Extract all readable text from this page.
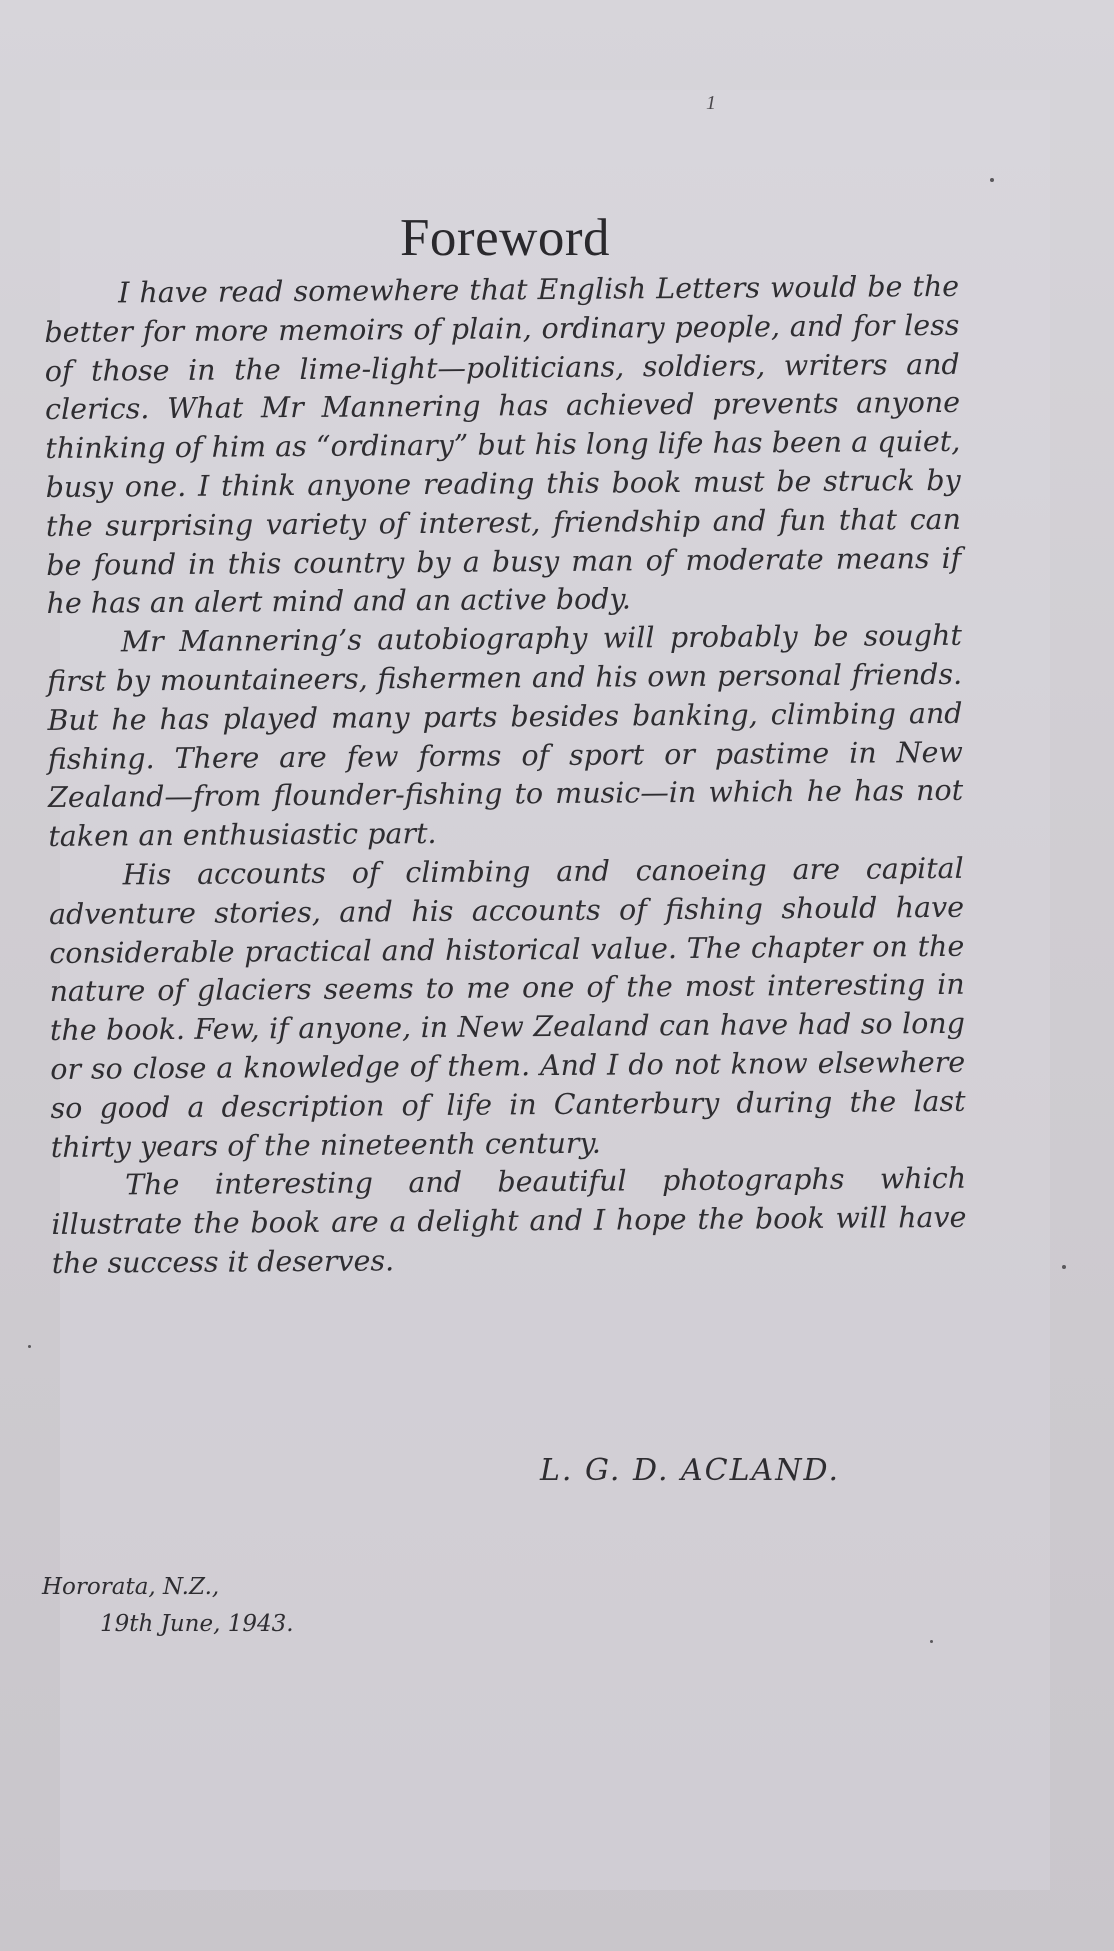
1
Foreword

I have read somewhere that English Letters would be the better for more memoirs of plain, ordinary people, and for less of those in the lime-light—politicians, soldiers, writers and clerics. What Mr Mannering has achieved prevents anyone thinking of him as “ordinary” but his long life has been a quiet, busy one. I think anyone reading this book must be struck by the surprising variety of interest, friendship and fun that can be found in this country by a busy man of moderate means if he has an alert mind and an active body.

Mr Mannering’s autobiography will probably be sought first by mountaineers, fishermen and his own personal friends. But he has played many parts besides banking, climbing and fishing. There are few forms of sport or pastime in New Zealand—from flounder-fishing to music—in which he has not taken an enthusiastic part.

His accounts of climbing and canoeing are capital adventure stories, and his accounts of fishing should have considerable practical and historical value. The chapter on the nature of glaciers seems to me one of the most interesting in the book. Few, if anyone, in New Zealand can have had so long or so close a knowledge of them. And I do not know elsewhere so good a description of life in Canterbury during the last thirty years of the nineteenth century.

The interesting and beautiful photographs which illustrate the book are a delight and I hope the book will have the success it deserves.

L. G. D. ACLAND.
Hororata, N.Z.,
19th June, 1943.
